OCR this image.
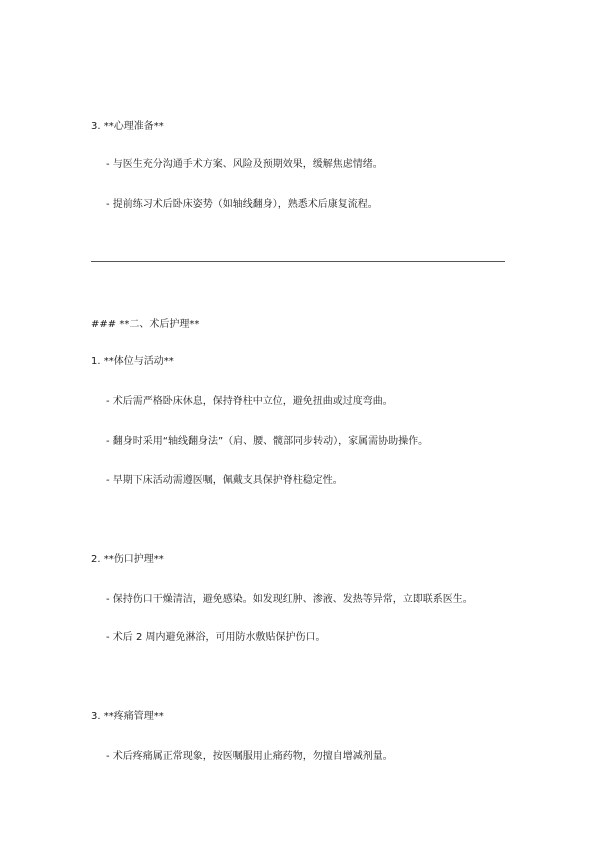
3. **心理准备**
- 与医生充分沟通手术方案、风险及预期效果，缓解焦虑情绪。
- 提前练习术后卧床姿势（如轴线翻身），熟悉术后康复流程。
### **二、术后护理**
1. **体位与活动**
- 术后需严格卧床休息，保持脊柱中立位，避免扭曲或过度弯曲。
- 翻身时采用“轴线翻身法”（肩、腰、髋部同步转动），家属需协助操作。
- 早期下床活动需遵医嘱，佩戴支具保护脊柱稳定性。
2. **伤口护理**
- 保持伤口干燥清洁，避免感染。如发现红肿、渗液、发热等异常，立即联系医生。
- 术后 2 周内避免淋浴，可用防水敷贴保护伤口。
3. **疼痛管理**
- 术后疼痛属正常现象，按医嘱服用止痛药物，勿擅自增减剂量。
